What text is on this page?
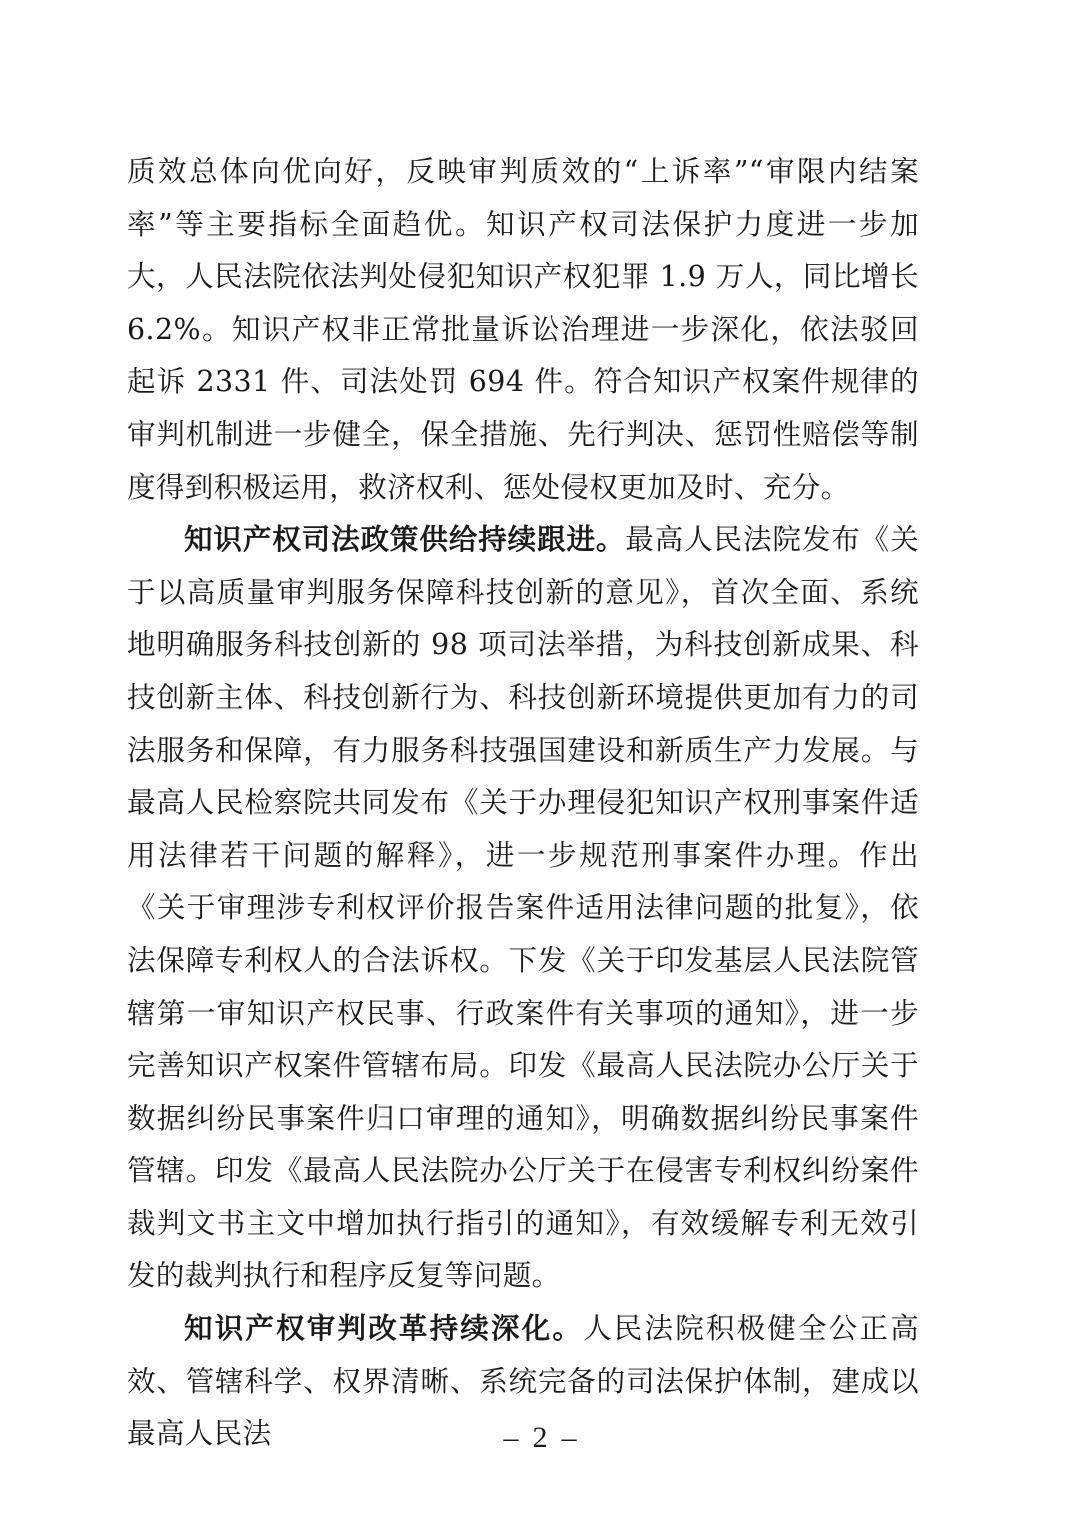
质效总体向优向好，反映审判质效的“上诉率”“审限内结案率”等主要指标全面趋优。知识产权司法保护力度进一步加大，人民法院依法判处侵犯知识产权犯罪 1.9 万人，同比增长 6.2%。知识产权非正常批量诉讼治理进一步深化，依法驳回起诉 2331 件、司法处罚 694 件。符合知识产权案件规律的审判机制进一步健全，保全措施、先行判决、惩罚性赔偿等制度得到积极运用，救济权利、惩处侵权更加及时、充分。

知识产权司法政策供给持续跟进。最高人民法院发布《关于以高质量审判服务保障科技创新的意见》，首次全面、系统地明确服务科技创新的 98 项司法举措，为科技创新成果、科技创新主体、科技创新行为、科技创新环境提供更加有力的司法服务和保障，有力服务科技强国建设和新质生产力发展。与最高人民检察院共同发布《关于办理侵犯知识产权刑事案件适用法律若干问题的解释》，进一步规范刑事案件办理。作出《关于审理涉专利权评价报告案件适用法律问题的批复》，依法保障专利权人的合法诉权。下发《关于印发基层人民法院管辖第一审知识产权民事、行政案件有关事项的通知》，进一步完善知识产权案件管辖布局。印发《最高人民法院办公厅关于数据纠纷民事案件归口审理的通知》，明确数据纠纷民事案件管辖。印发《最高人民法院办公厅关于在侵害专利权纠纷案件裁判文书主文中增加执行指引的通知》，有效缓解专利无效引发的裁判执行和程序反复等问题。

知识产权审判改革持续深化。人民法院积极健全公正高效、管辖科学、权界清晰、系统完备的司法保护体制，建成以最高人民法	– 2 –
